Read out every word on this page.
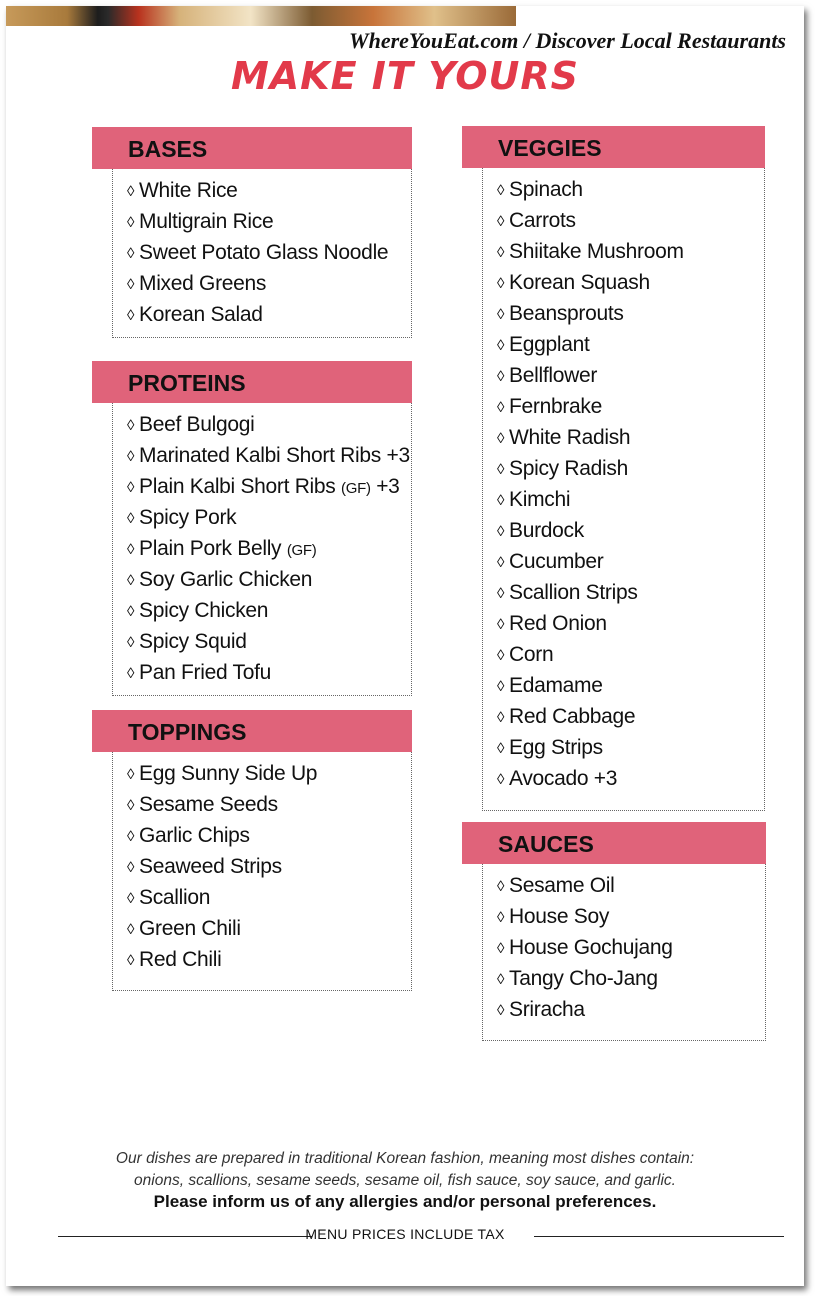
WhereYouEat.com / Discover Local Restaurants

MAKE IT YOURS
BASES
◊ White Rice
◊ Multigrain Rice
◊ Sweet Potato Glass Noodle
◊ Mixed Greens
◊ Korean Salad
PROTEINS
◊ Beef Bulgogi
◊ Marinated Kalbi Short Ribs +3
◊ Plain Kalbi Short Ribs (GF) +3
◊ Spicy Pork
◊ Plain Pork Belly (GF)
◊ Soy Garlic Chicken
◊ Spicy Chicken
◊ Spicy Squid
◊ Pan Fried Tofu
TOPPINGS
◊ Egg Sunny Side Up
◊ Sesame Seeds
◊ Garlic Chips
◊ Seaweed Strips
◊ Scallion
◊ Green Chili
◊ Red Chili
VEGGIES
◊ Spinach
◊ Carrots
◊ Shiitake Mushroom
◊ Korean Squash
◊ Beansprouts
◊ Eggplant
◊ Bellflower
◊ Fernbrake
◊ White Radish
◊ Spicy Radish
◊ Kimchi
◊ Burdock
◊ Cucumber
◊ Scallion Strips
◊ Red Onion
◊ Corn
◊ Edamame
◊ Red Cabbage
◊ Egg Strips
◊ Avocado +3
SAUCES
◊ Sesame Oil
◊ House Soy
◊ House Gochujang
◊ Tangy Cho-Jang
◊ Sriracha
Our dishes are prepared in traditional Korean fashion, meaning most dishes contain:
onions, scallions, sesame seeds, sesame oil, fish sauce, soy sauce, and garlic.
Please inform us of any allergies and/or personal preferences.
MENU PRICES INCLUDE TAX
